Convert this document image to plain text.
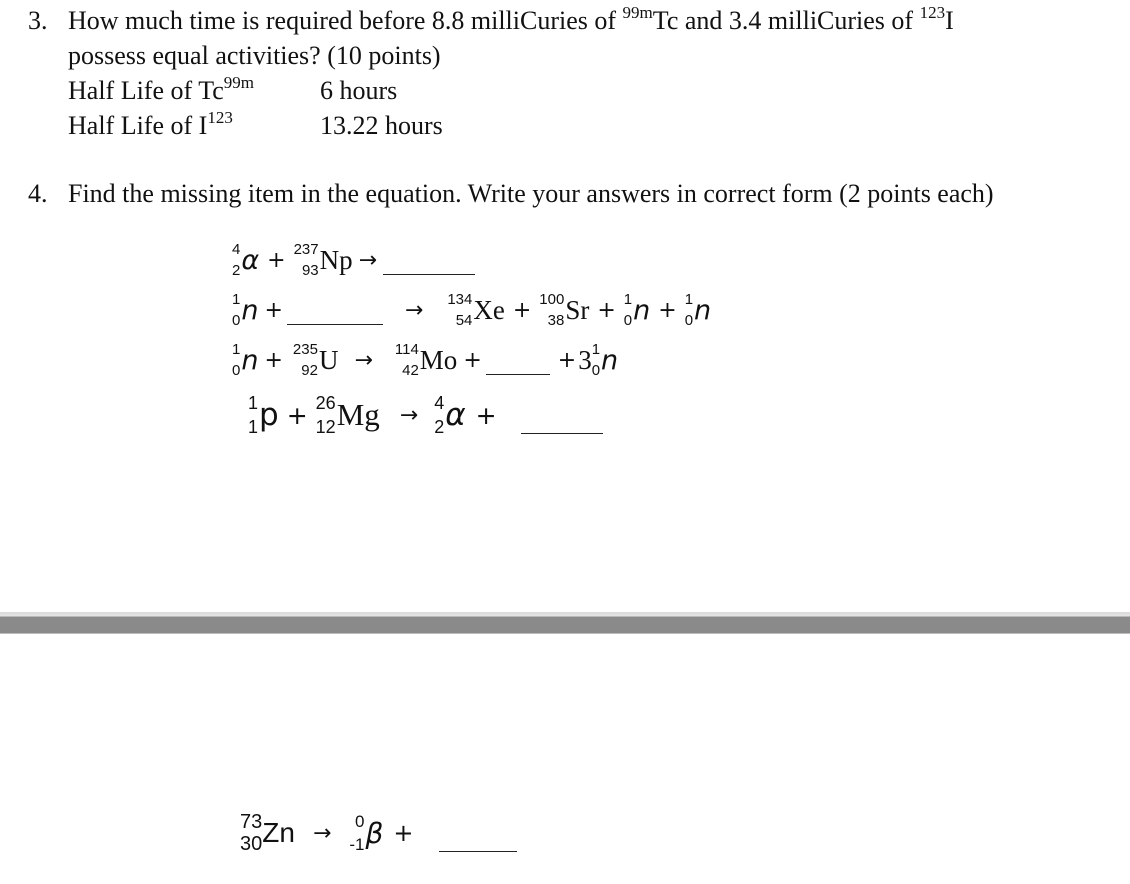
3. How much time is required before 8.8 milliCuries of $^{99m}$Tc and 3.4 milliCuries of $^{123}$I
possess equal activities? (10 points)
Half Life of $Tc^{99m}$	6 hours
Half Life of $I^{123}$	13.22 hours
4. Find the missing item in the equation. Write your answers in correct form (2 points each)
4
2 α + 237
93 Np →
1
0 n +	→ 134
54 Xe + 100
38 Sr + 1
0 n + 1
0 n
1
0 n + 235
92 U → 114
42 Mo +	+ 3 1
0 n
1
1 p + 26
12 Mg → 4
2 α +
73
30 Zn → 0
-1 β +
